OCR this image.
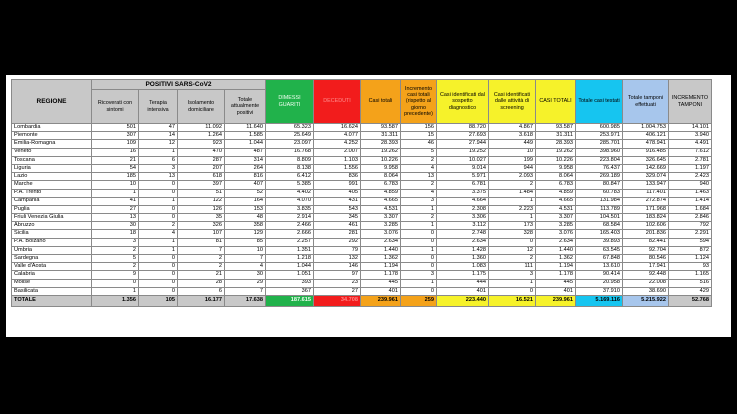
REGIONE	POSITIVI SARS-CoV2				DIMESSI GUARITI	DECEDUTI	Casi totali	Incremento casi totali (rispetto al giorno precedente)	Casi identificati dal sospetto diagnostico	Casi identificati dalle attività di screening	CASI TOTALI	Totale casi testati	Totale tamponi effettuati	INCREMENTO TAMPONI
	Ricoverati con sintomi	Terapia intensiva	Isolamento domiciliare	Totale attualmente positivi										
Lombardia	501	47	11.092	11.640	65.323	16.624	93.587	156	88.720	4.867	93.587	600.985	1.004.753	14.101
Piemonte	307	14	1.264	1.585	25.649	4.077	31.311	15	27.693	3.618	31.311	253.971	406.121	3.940
Emilia-Romagna	109	12	923	1.044	23.097	4.252	28.393	46	27.944	449	28.393	285.701	478.941	4.491
Veneto	16	1	470	487	16.768	2.007	19.262	5	19.252	10	19.262	398.960	916.485	7.612
Toscana	21	6	287	314	8.809	1.103	10.226	2	10.027	199	10.226	223.804	326.645	2.781
Liguria	54	3	207	264	8.138	1.556	9.958	4	9.014	944	9.958	76.437	142.669	1.197
Lazio	185	13	618	816	6.412	836	8.064	13	5.971	2.093	8.064	269.189	329.074	2.423
Marche	10	0	397	407	5.385	991	6.783	2	6.781	2	6.783	80.847	133.947	940
P.A. Trento	1	0	51	52	4.402	405	4.859	4	3.375	1.484	4.859	60.783	117.401	1.463
Campania	41	1	122	164	4.070	431	4.665	3	4.664	1	4.665	131.984	272.874	1.414
Puglia	27	0	126	153	3.835	543	4.531	1	2.308	2.223	4.531	113.789	171.968	1.684
Friuli Venezia Giulia	13	0	35	48	2.914	345	3.307	2	3.306	1	3.307	104.501	183.824	2.846
Abruzzo	30	2	326	358	2.466	461	3.285	1	3.112	173	3.285	68.584	102.606	792
Sicilia	18	4	107	129	2.666	281	3.076	0	2.748	328	3.076	165.403	201.836	2.291
P.A. Bolzano	3	1	81	85	2.257	292	2.634	0	2.634	0	2.634	39.893	82.441	594
Umbria	2	1	7	10	1.351	79	1.440	1	1.428	12	1.440	63.545	92.704	872
Sardegna	5	0	2	7	1.218	132	1.362	0	1.360	2	1.362	67.848	80.546	1.124
Valle d'Aosta	2	0	2	4	1.044	146	1.194	0	1.083	111	1.194	13.610	17.941	93
Calabria	9	0	21	30	1.051	97	1.178	3	1.175	3	1.178	90.414	92.448	1.165
Molise	0	0	28	29	393	23	445	1	444	1	445	20.958	22.008	516
Basilicata	1	0	6	7	367	27	401	0	401	0	401	37.910	38.690	429
TOTALE	1.356	105	16.177	17.638	187.615	34.708	239.961	259	223.440	16.521	239.961	5.169.116	5.215.922	52.768
